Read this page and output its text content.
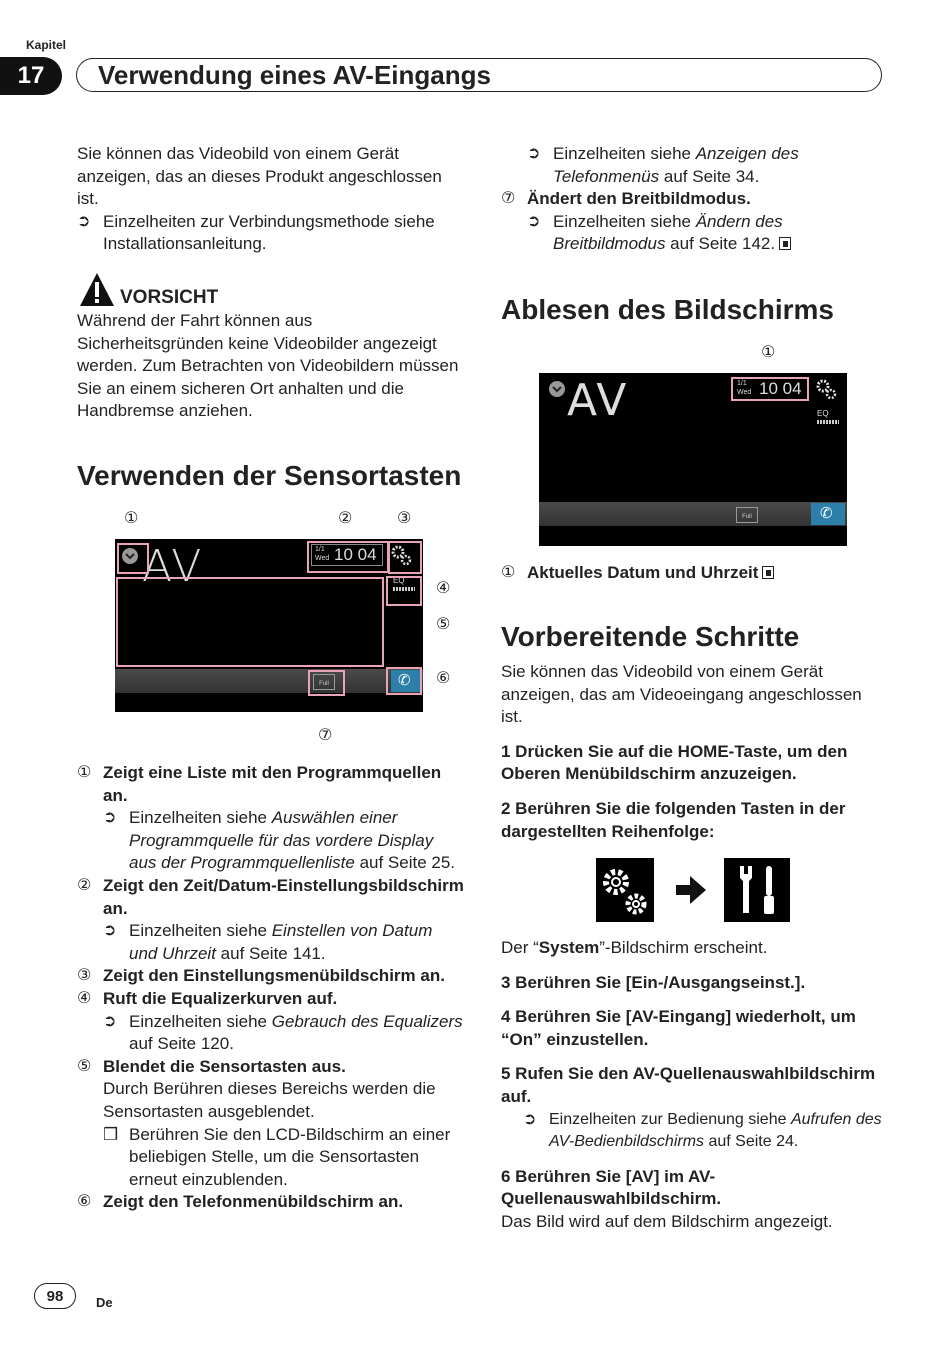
Kapitel
17	Verwendung eines AV-Eingangs

Sie können das Videobild von einem Gerät anzeigen, das an dieses Produkt angeschlossen ist.

➲ Einzelheiten zur Verbindungsmethode siehe Installationsanleitung.
VORSICHT
Während der Fahrt können aus Sicherheitsgründen keine Videobilder angezeigt werden. Zum Betrachten von Videobildern müssen Sie an einem sicheren Ort anhalten und die Handbremse anziehen.
Verwenden der Sensortasten
①	②	③
AV	1/1
Wed 10 04
EQ
Full	✆
④
⑤
⑥
⑦
① Zeigt eine Liste mit den Programmquellen an.
➲ Einzelheiten siehe Auswählen einer Programmquelle für das vordere Display aus der Programmquellenliste auf Seite 25.
② Zeigt den Zeit/Datum-Einstellungsbildschirm an.
➲ Einzelheiten siehe Einstellen von Datum und Uhrzeit auf Seite 141.
③ Zeigt den Einstellungsmenübildschirm an.
④ Ruft die Equalizerkurven auf.
➲ Einzelheiten siehe Gebrauch des Equalizers auf Seite 120.
⑤ Blendet die Sensortasten aus.
Durch Berühren dieses Bereichs werden die Sensortasten ausgeblendet.
❒ Berühren Sie den LCD-Bildschirm an einer beliebigen Stelle, um die Sensortasten erneut einzublenden.
⑥ Zeigt den Telefonmenübildschirm an.
➲ Einzelheiten siehe Anzeigen des Telefonmenüs auf Seite 34.
⑦ Ändert den Breitbildmodus.
➲ Einzelheiten siehe Ändern des Breitbildmodus auf Seite 142.
Ablesen des Bildschirms
①
AV	1/1
Wed 10 04
EQ
Full	✆
① Aktuelles Datum und Uhrzeit
Vorbereitende Schritte

Sie können das Videobild von einem Gerät anzeigen, das am Videoeingang angeschlossen ist.

1 Drücken Sie auf die HOME-Taste, um den Oberen Menübildschirm anzuzeigen.

2 Berühren Sie die folgenden Tasten in der dargestellten Reihenfolge:

Der “System”-Bildschirm erscheint.

3 Berühren Sie [Ein-/Ausgangseinst.].

4 Berühren Sie [AV-Eingang] wiederholt, um “On” einzustellen.

5 Rufen Sie den AV-Quellenauswahlbildschirm auf.

➲ Einzelheiten zur Bedienung siehe Aufrufen des AV-Bedienbildschirms auf Seite 24.

6 Berühren Sie [AV] im AV-Quellenauswahlbildschirm.

Das Bild wird auf dem Bildschirm angezeigt.

98	De
